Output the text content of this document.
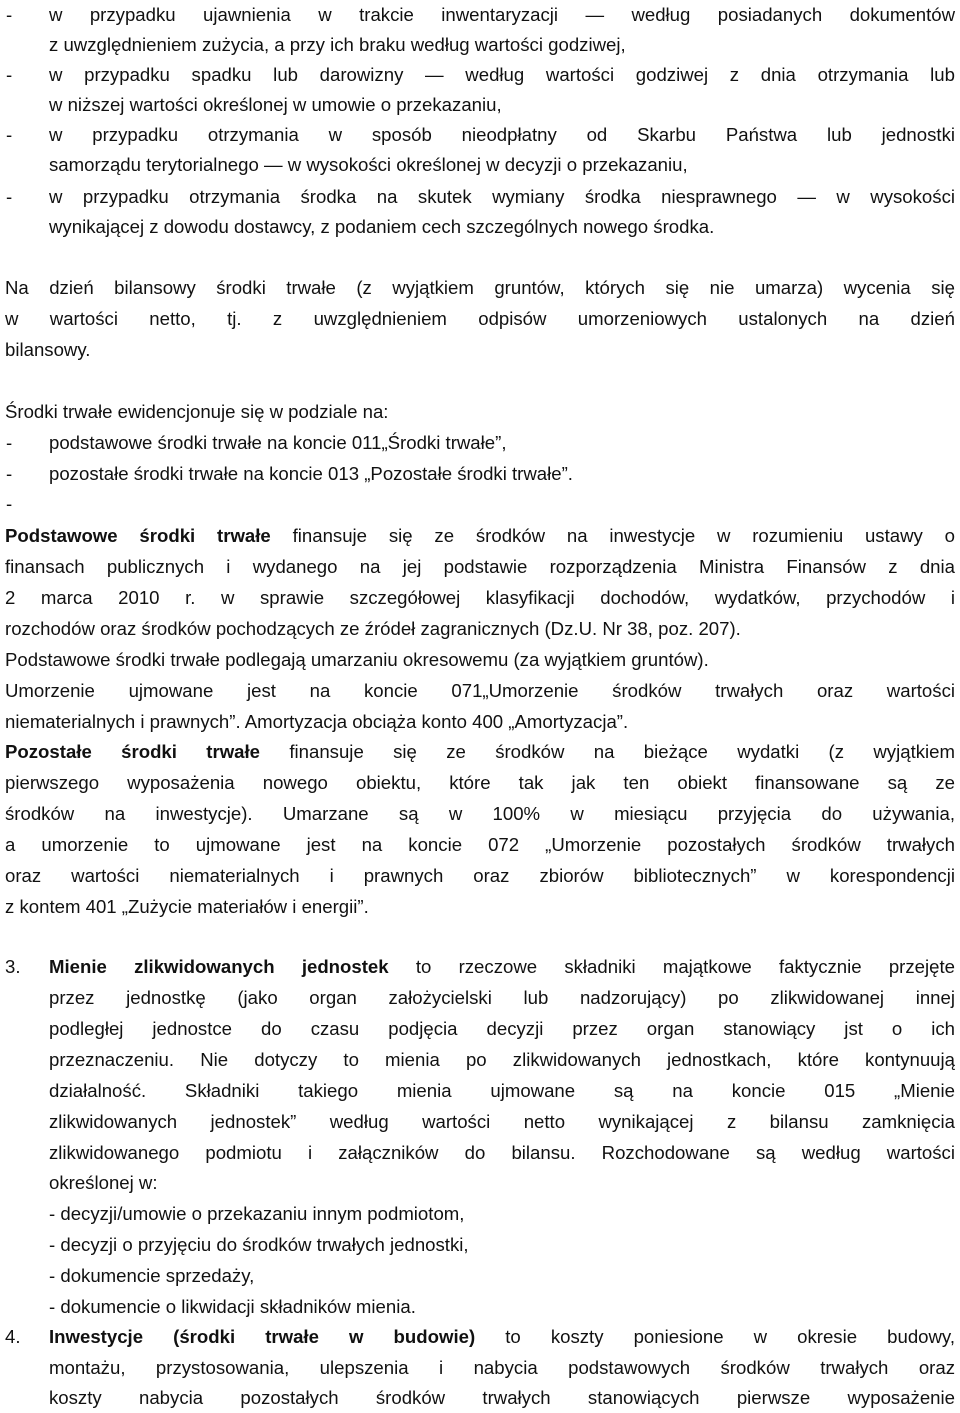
- w przypadku ujawnienia w trakcie inwentaryzacji — według posiadanych dokumentów
z uwzględnieniem zużycia, a przy ich braku według wartości godziwej,
- w przypadku spadku lub darowizny — według wartości godziwej z dnia otrzymania lub
w niższej wartości określonej w umowie o przekazaniu,
- w przypadku otrzymania w sposób nieodpłatny od Skarbu Państwa lub jednostki
samorządu terytorialnego — w wysokości określonej w decyzji o przekazaniu,
- w przypadku otrzymania środka na skutek wymiany środka niesprawnego — w wysokości
wynikającej z dowodu dostawcy, z podaniem cech szczególnych nowego środka.
Na dzień bilansowy środki trwałe (z wyjątkiem gruntów, których się nie umarza) wycenia się
w wartości netto, tj. z uwzględnieniem odpisów umorzeniowych ustalonych na dzień
bilansowy.
Środki trwałe ewidencjonuje się w podziale na:
- podstawowe środki trwałe na koncie 011„Środki trwałe”,
- pozostałe środki trwałe na koncie 013 „Pozostałe środki trwałe”.
-
Podstawowe środki trwałe finansuje się ze środków na inwestycje w rozumieniu ustawy o
finansach publicznych i wydanego na jej podstawie rozporządzenia Ministra Finansów z dnia
2 marca 2010 r. w sprawie szczegółowej klasyfikacji dochodów, wydatków, przychodów i
rozchodów oraz środków pochodzących ze źródeł zagranicznych (Dz.U. Nr 38, poz. 207).
Podstawowe środki trwałe podlegają umarzaniu okresowemu (za wyjątkiem gruntów).
Umorzenie ujmowane jest na koncie 071„Umorzenie środków trwałych oraz wartości
niematerialnych i prawnych”. Amortyzacja obciąża konto 400 „Amortyzacja”.
Pozostałe środki trwałe finansuje się ze środków na bieżące wydatki (z wyjątkiem
pierwszego wyposażenia nowego obiektu, które tak jak ten obiekt finansowane są ze
środków na inwestycje). Umarzane są w 100% w miesiącu przyjęcia do używania,
a umorzenie to ujmowane jest na koncie 072 „Umorzenie pozostałych środków trwałych
oraz wartości niematerialnych i prawnych oraz zbiorów bibliotecznych” w korespondencji
z kontem 401 „Zużycie materiałów i energii”.
3. Mienie zlikwidowanych jednostek to rzeczowe składniki majątkowe faktycznie przejęte
przez jednostkę (jako organ założycielski lub nadzorujący) po zlikwidowanej innej
podległej jednostce do czasu podjęcia decyzji przez organ stanowiący jst o ich
przeznaczeniu. Nie dotyczy to mienia po zlikwidowanych jednostkach, które kontynuują
działalność. Składniki takiego mienia ujmowane są na koncie 015 „Mienie
zlikwidowanych jednostek” według wartości netto wynikającej z bilansu zamknięcia
zlikwidowanego podmiotu i załączników do bilansu. Rozchodowane są według wartości
określonej w:
- decyzji/umowie o przekazaniu innym podmiotom,
- decyzji o przyjęciu do środków trwałych jednostki,
- dokumencie sprzedaży,
- dokumencie o likwidacji składników mienia.
4. Inwestycje (środki trwałe w budowie) to koszty poniesione w okresie budowy,
montażu, przystosowania, ulepszenia i nabycia podstawowych środków trwałych oraz
koszty nabycia pozostałych środków trwałych stanowiących pierwsze wyposażenie
